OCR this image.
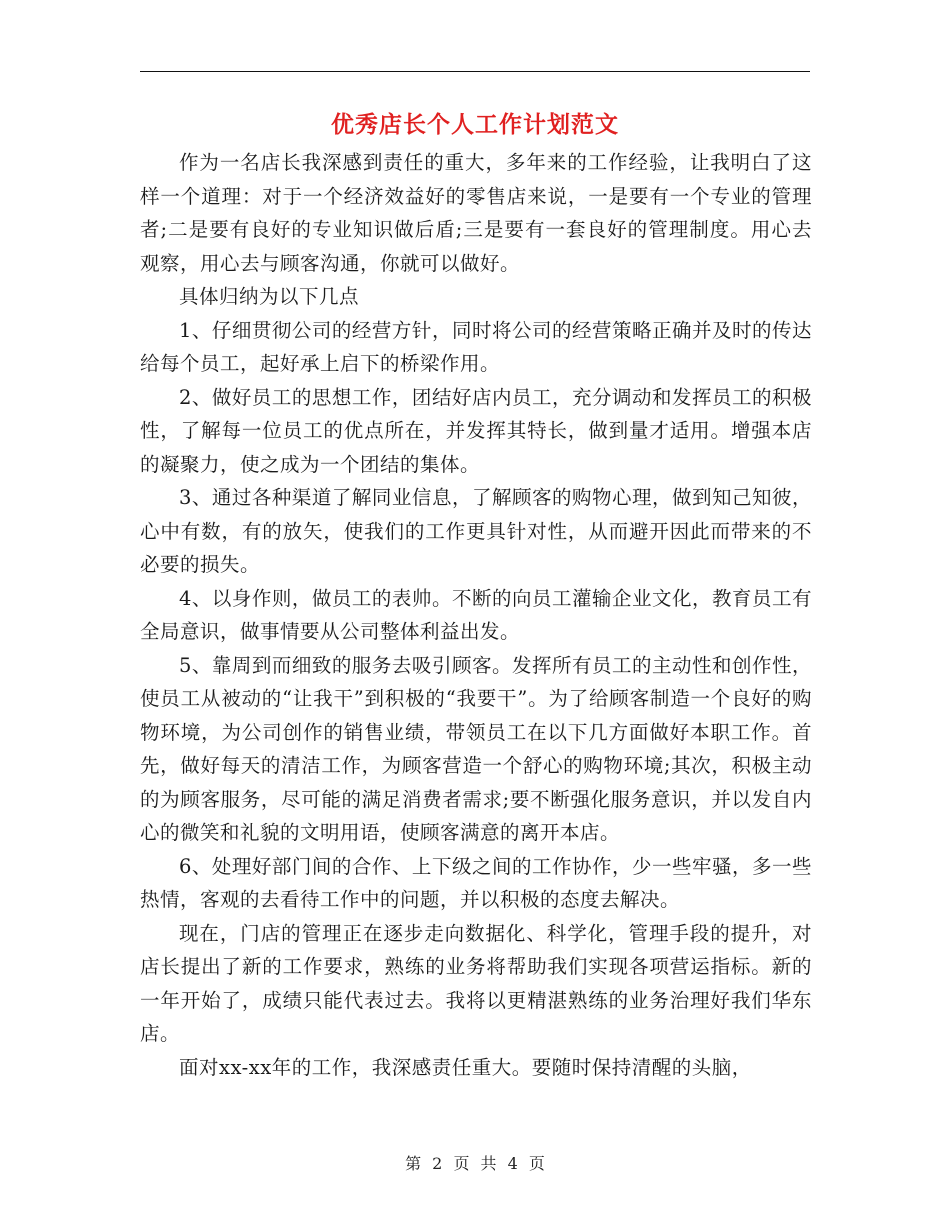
优秀店长个人工作计划范文

作为一名店长我深感到责任的重大，多年来的工作经验，让我明白了这样一个道理：对于一个经济效益好的零售店来说，一是要有一个专业的管理者;二是要有良好的专业知识做后盾;三是要有一套良好的管理制度。用心去观察，用心去与顾客沟通，你就可以做好。

具体归纳为以下几点

1、仔细贯彻公司的经营方针，同时将公司的经营策略正确并及时的传达给每个员工，起好承上启下的桥梁作用。

2、做好员工的思想工作，团结好店内员工，充分调动和发挥员工的积极性，了解每一位员工的优点所在，并发挥其特长，做到量才适用。增强本店的凝聚力，使之成为一个团结的集体。

3、通过各种渠道了解同业信息，了解顾客的购物心理，做到知己知彼，心中有数，有的放矢，使我们的工作更具针对性，从而避开因此而带来的不必要的损失。

4、以身作则，做员工的表帅。不断的向员工灌输企业文化，教育员工有全局意识，做事情要从公司整体利益出发。

5、靠周到而细致的服务去吸引顾客。发挥所有员工的主动性和创作性，使员工从被动的“让我干”到积极的“我要干”。为了给顾客制造一个良好的购物环境，为公司创作的销售业绩，带领员工在以下几方面做好本职工作。首先，做好每天的清洁工作，为顾客营造一个舒心的购物环境;其次，积极主动的为顾客服务，尽可能的满足消费者需求;要不断强化服务意识，并以发自内心的微笑和礼貌的文明用语，使顾客满意的离开本店。

6、处理好部门间的合作、上下级之间的工作协作，少一些牢骚，多一些热情，客观的去看待工作中的问题，并以积极的态度去解决。

现在，门店的管理正在逐步走向数据化、科学化，管理手段的提升，对店长提出了新的工作要求，熟练的业务将帮助我们实现各项营运指标。新的一年开始了，成绩只能代表过去。我将以更精湛熟练的业务治理好我们华东店。

面对xx-xx年的工作，我深感责任重大。要随时保持清醒的头脑，

第 2 页 共 4 页
